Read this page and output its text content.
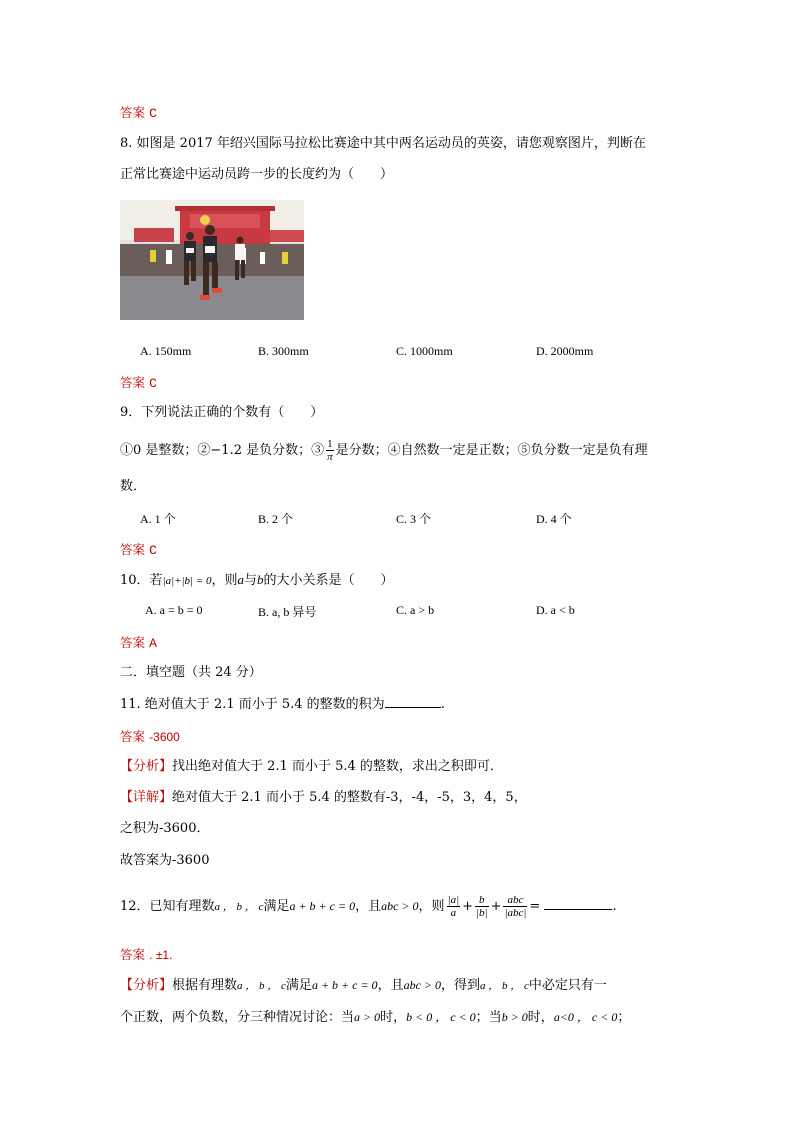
答案 C
8. 如图是 2017 年绍兴国际马拉松比赛途中其中两名运动员的英姿，请您观察图片，判断在
正常比赛途中运动员跨一步的长度约为（　　）
A. 150mm	B. 300mm	C. 1000mm	D. 2000mm
答案 C
9．下列说法正确的个数有（　　）
①0 是整数；②−1.2 是负分数；③ $\frac{1}{\pi}$ 是分数；④自然数一定是正数；⑤负分数一定是负有理
数．
A. 1 个	B. 2 个	C. 3 个	D. 4 个
答案 C
10．若|a|+|b| = 0，则a与b的大小关系是（　　）
A. a = b = 0	B. a, b 异号	C. a > b	D. a < b
答案 A
二．填空题（共 24 分）
11. 绝对值大于 2.1 而小于 5.4 的整数的积为	.
答案 -3600
【分析】找出绝对值大于 2.1 而小于 5.4 的整数，求出之积即可．
【详解】绝对值大于 2.1 而小于 5.4 的整数有-3，-4，-5，3，4，5，
之积为-3600．
故答案为-3600
12．已知有理数a ， b ， c满足a + b + c = 0，且abc > 0，则 $\frac{|a|}{a} + \frac{b}{|b|} + \frac{\text{abc}}{\text{|abc|}}$ =	.
答案 . ±1.
【分析】根据有理数a ， b ， c满足a + b + c = 0，且abc > 0，得到a ， b ， c中必定只有一
个正数，两个负数，分三种情况讨论：当a > 0时，b < 0 ， c < 0；当b > 0时，a<0 ， c < 0；
